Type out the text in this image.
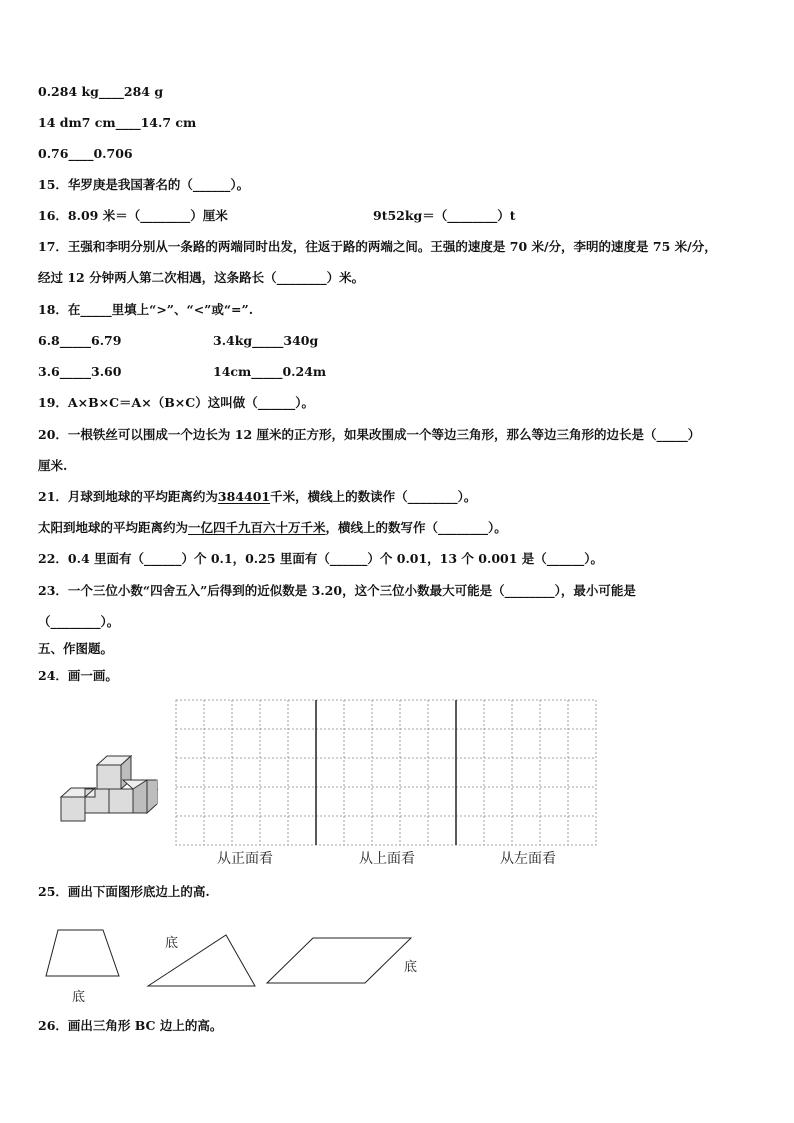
0.284 kg____284 g
14 dm7 cm____14.7 cm
0.76____0.706
15．华罗庚是我国著名的（______）。
16．8.09 米＝（________）厘米	9t52kg＝（________）t
17．王强和李明分别从一条路的两端同时出发，往返于路的两端之间。王强的速度是 70 米/分，李明的速度是 75 米/分，
经过 12 分钟两人第二次相遇，这条路长（________）米。
18．在_____里填上“>”、“<”或“=”.
6.8_____6.79	3.4kg_____340g
3.6_____3.60	14cm_____0.24m
19．A×B×C＝A×（B×C）这叫做（______）。
20．一根铁丝可以围成一个边长为 12 厘米的正方形，如果改围成一个等边三角形，那么等边三角形的边长是（_____）
厘米.
21．月球到地球的平均距离约为384401千米，横线上的数读作（________）。
太阳到地球的平均距离约为一亿四千九百六十万千米，横线上的数写作（________）。
22．0.4 里面有（______）个 0.1，0.25 里面有（______）个 0.01，13 个 0.001 是（______）。
23．一个三位小数“四舍五入”后得到的近似数是 3.20，这个三位小数最大可能是（________），最小可能是
（________）。
五、作图题。
24．画一画。
从正面看	从上面看	从左面看
25．画出下面图形底边上的高.
底
底
底
26．画出三角形 BC 边上的高。
